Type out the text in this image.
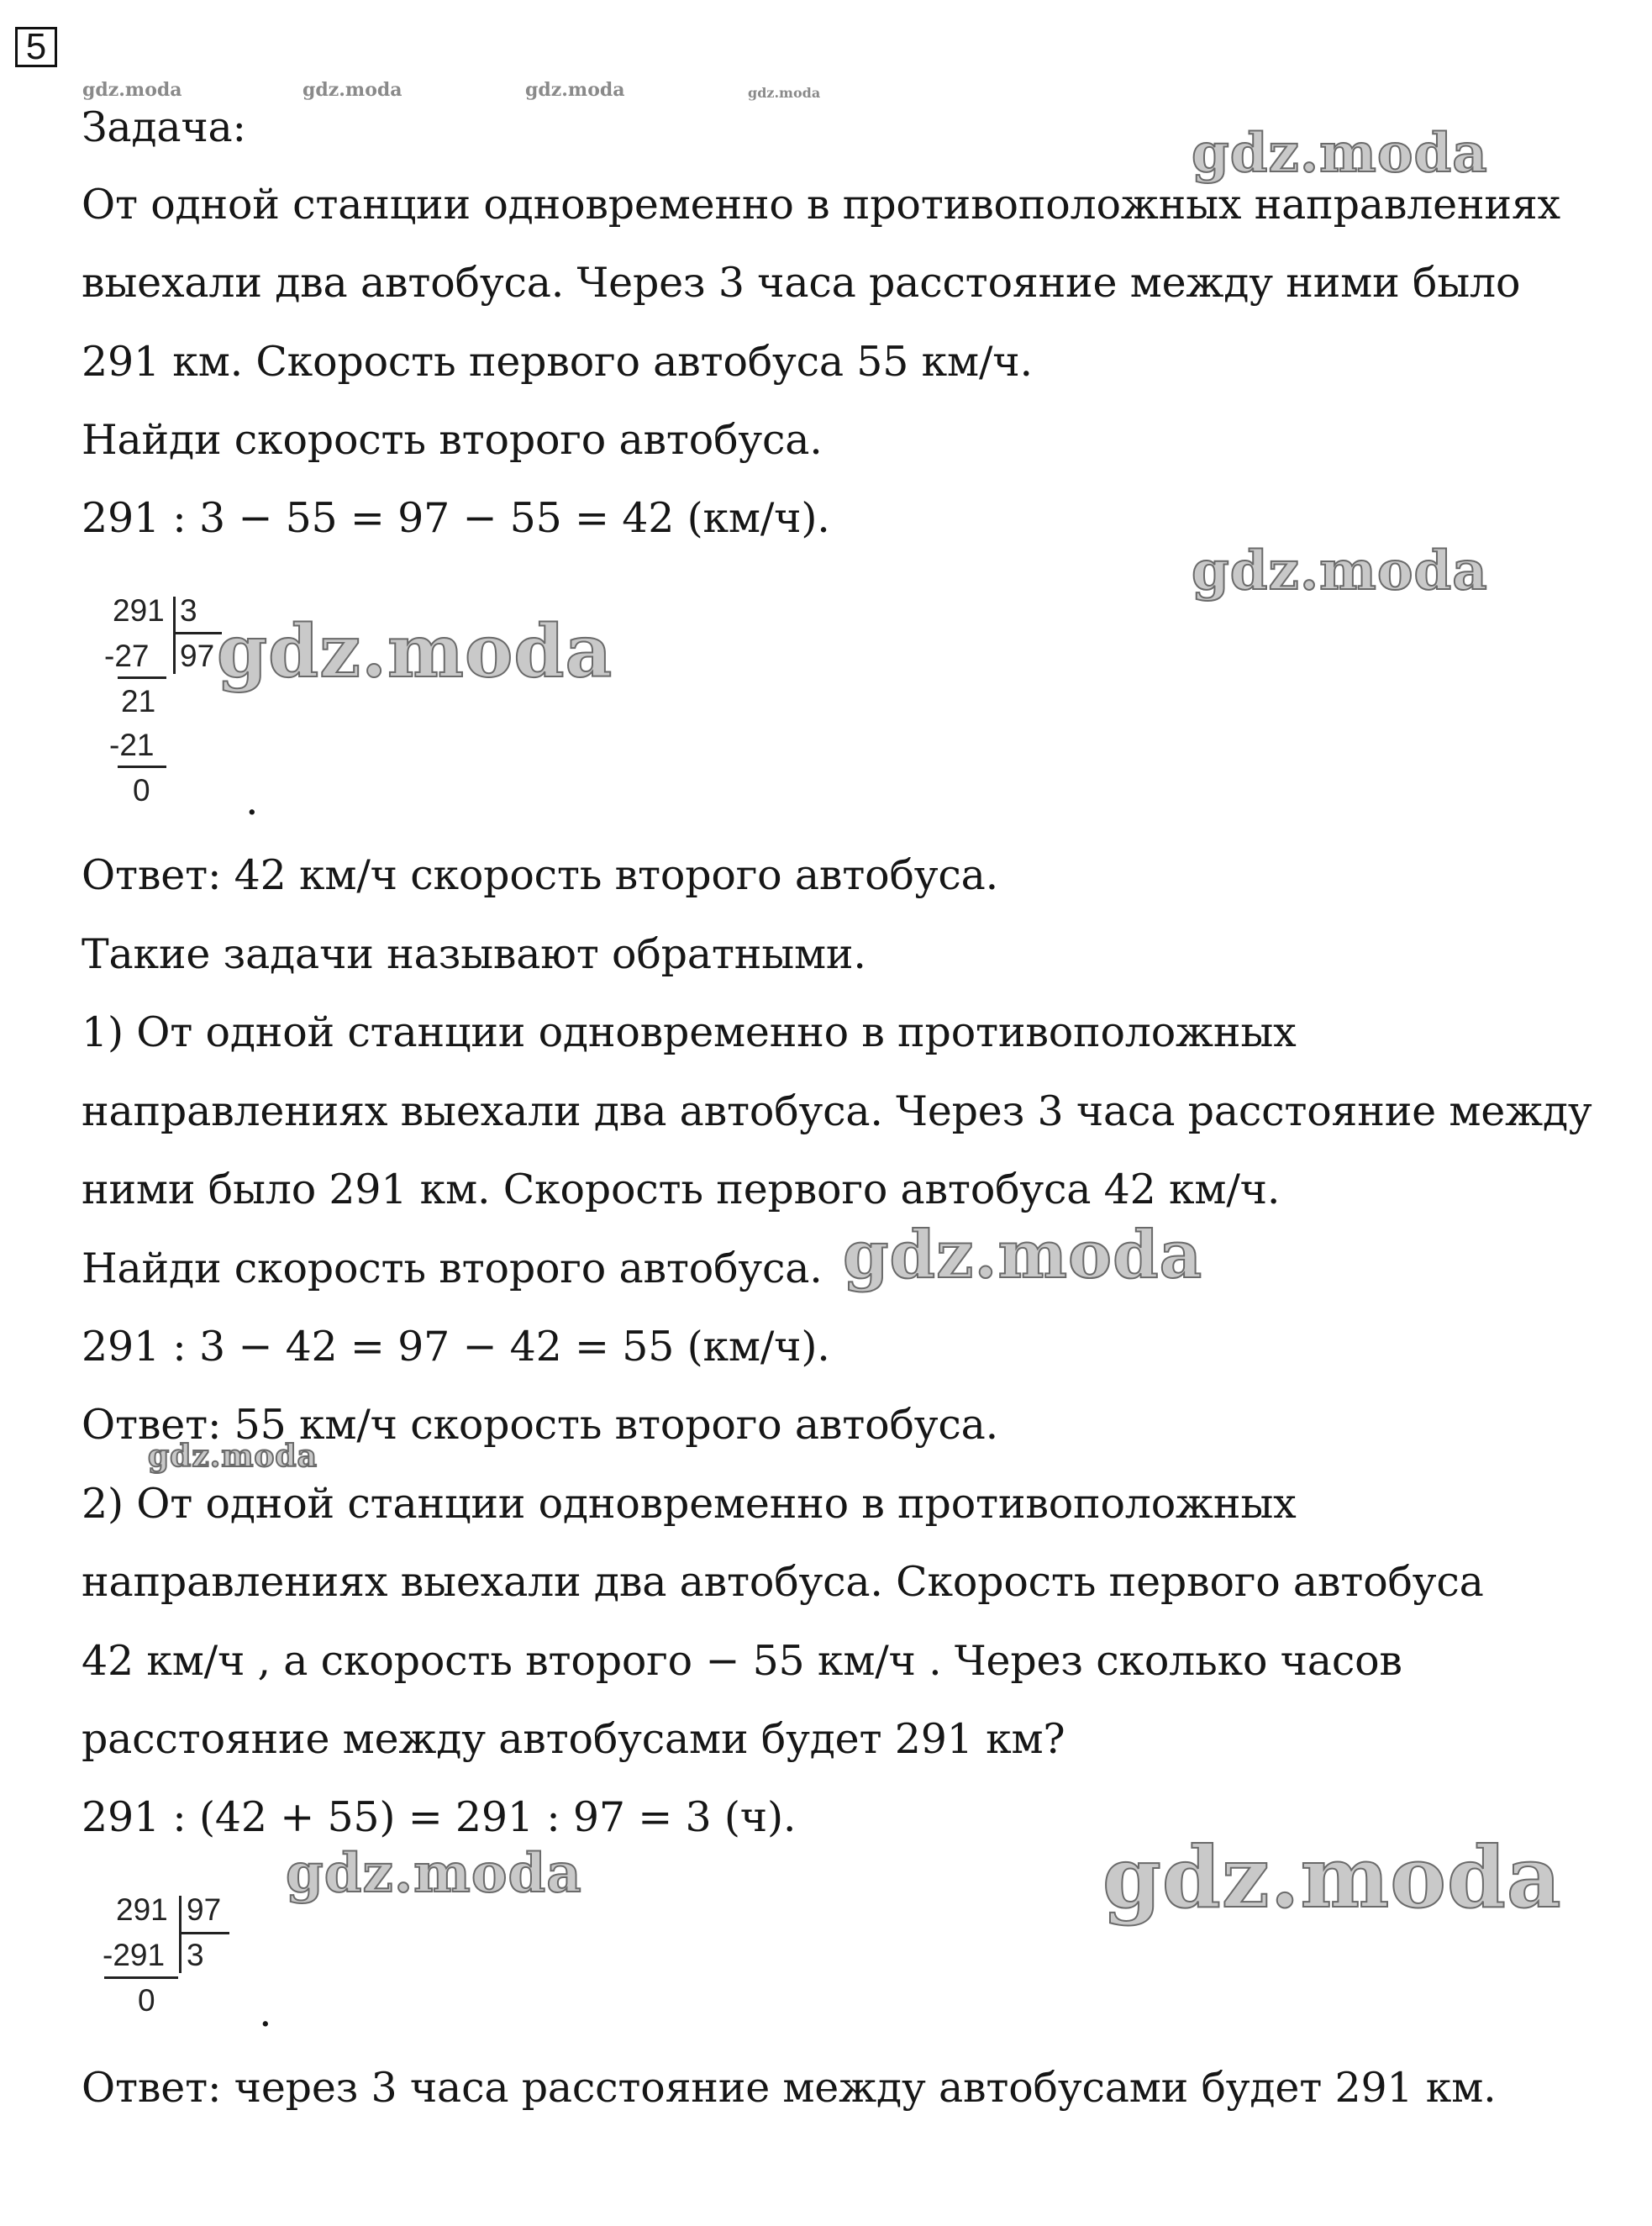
gdz.moda	gdz.moda	gdz.moda	gdz.moda
5

Задача:

От одной станции одновременно в противоположных направлениях

выехали два автобуса. Через 3 часа расстояние между ними было

291 км. Скорость первого автобуса 55 км/ч.

Найди скорость второго автобуса.

291 : 3 − 55 = 97 − 55 = 42 (км/ч).

291 3

97

-27

21

-21

0 .

Ответ: 42 км/ч скорость второго автобуса.

Такие задачи называют обратными.

1) От одной станции одновременно в противоположных

направлениях выехали два автобуса. Через 3 часа расстояние между

ними было 291 км. Скорость первого автобуса 42 км/ч.

Найди скорость второго автобуса.

291 : 3 − 42 = 97 − 42 = 55 (км/ч).

Ответ: 55 км/ч скорость второго автобуса.

2) От одной станции одновременно в противоположных

направлениях выехали два автобуса. Скорость первого автобуса

42 км/ч , а скорость второго − 55 км/ч . Через сколько часов

расстояние между автобусами будет 291 км?

291 : (42 + 55) = 291 : 97 = 3 (ч).

291 97

3

-291

0	.

Ответ: через 3 часа расстояние между автобусами будет 291 км.

gdz.moda
gdz.moda
gdz.moda
gdz.moda
gdz.moda
gdz.moda	gdz.moda
